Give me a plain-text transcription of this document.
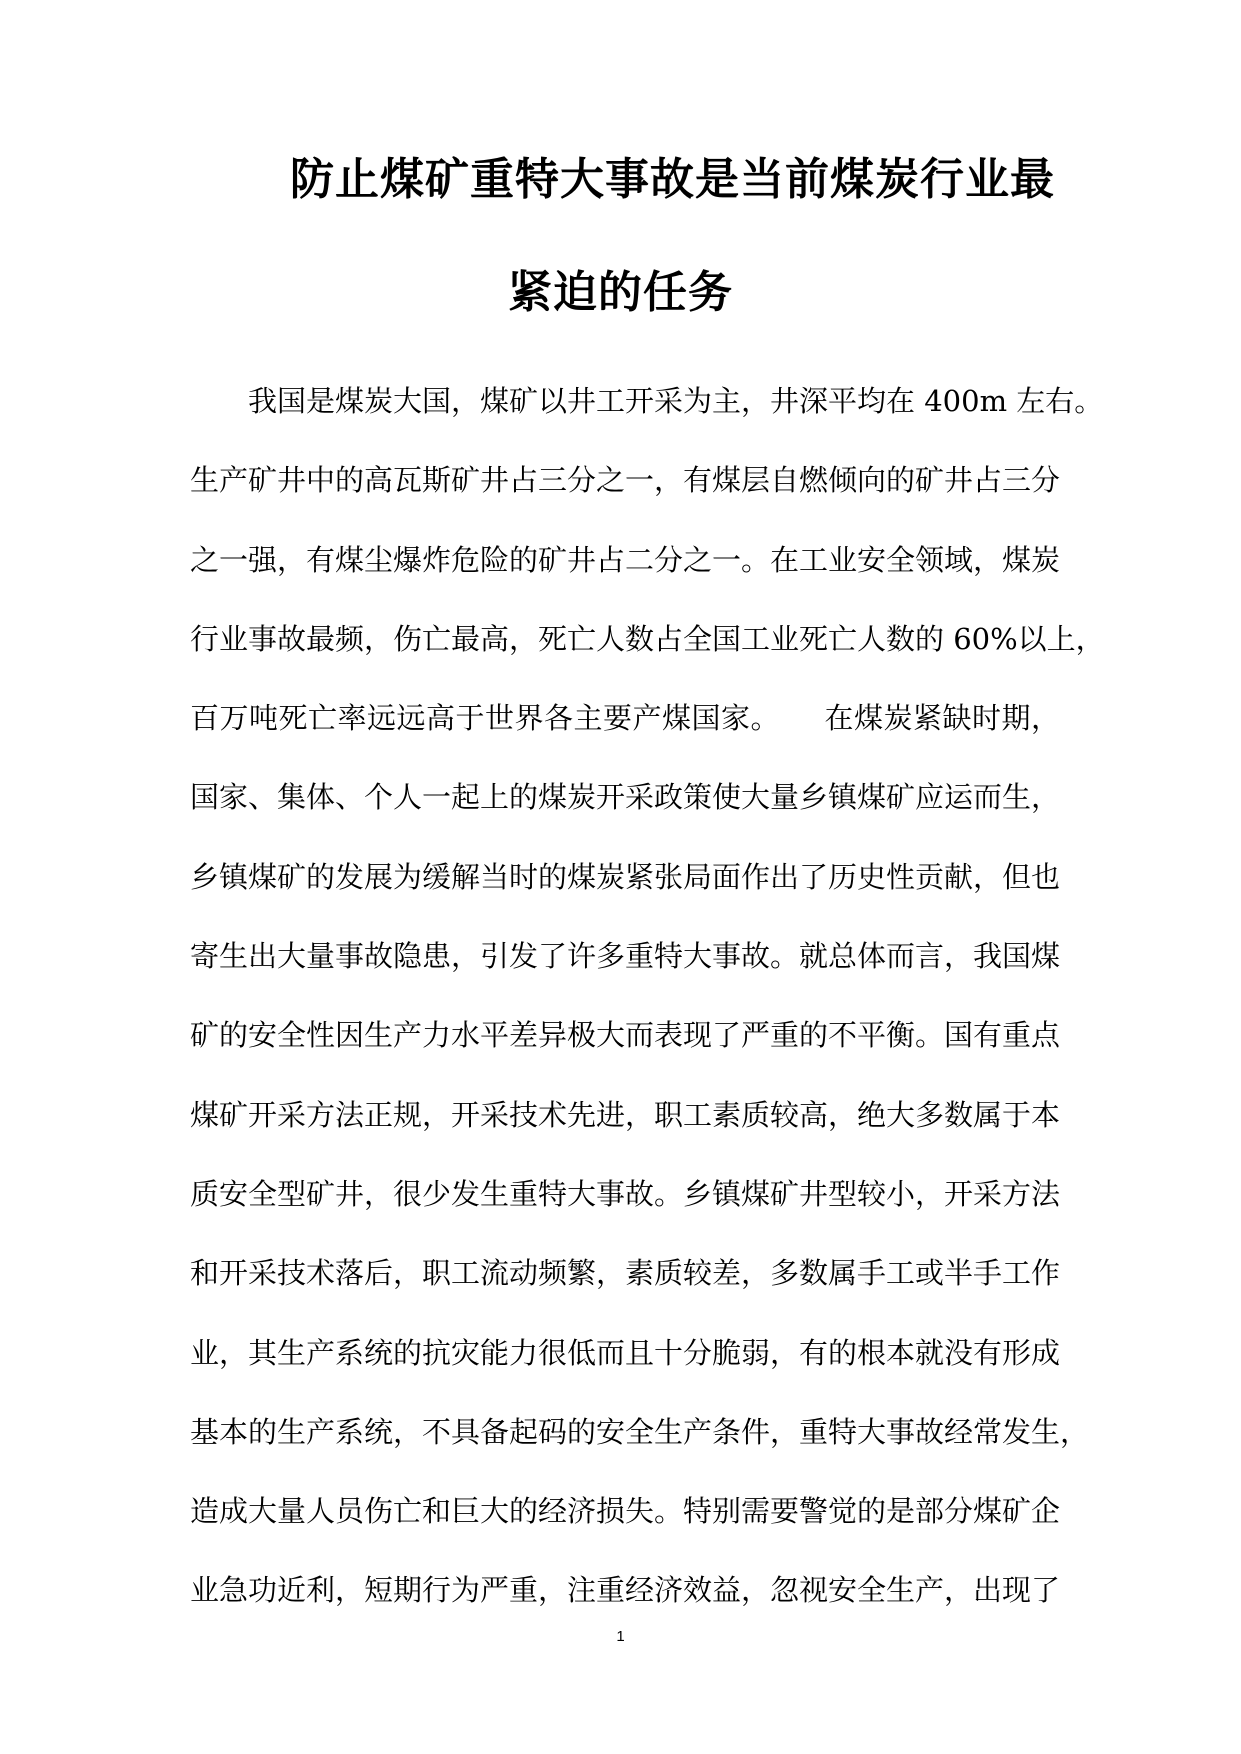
防止煤矿重特大事故是当前煤炭行业最
紧迫的任务
我国是煤炭大国，煤矿以井工开采为主，井深平均在 400m 左右。
生产矿井中的高瓦斯矿井占三分之一，有煤层自燃倾向的矿井占三分
之一强，有煤尘爆炸危险的矿井占二分之一。在工业安全领域，煤炭
行业事故最频，伤亡最高，死亡人数占全国工业死亡人数的 60%以上，
百万吨死亡率远远高于世界各主要产煤国家。　　在煤炭紧缺时期，
国家、集体、个人一起上的煤炭开采政策使大量乡镇煤矿应运而生，
乡镇煤矿的发展为缓解当时的煤炭紧张局面作出了历史性贡献，但也
寄生出大量事故隐患，引发了许多重特大事故。就总体而言，我国煤
矿的安全性因生产力水平差异极大而表现了严重的不平衡。国有重点
煤矿开采方法正规，开采技术先进，职工素质较高，绝大多数属于本
质安全型矿井，很少发生重特大事故。乡镇煤矿井型较小，开采方法
和开采技术落后，职工流动频繁，素质较差，多数属手工或半手工作
业，其生产系统的抗灾能力很低而且十分脆弱，有的根本就没有形成
基本的生产系统，不具备起码的安全生产条件，重特大事故经常发生，
造成大量人员伤亡和巨大的经济损失。特别需要警觉的是部分煤矿企
业急功近利，短期行为严重，注重经济效益，忽视安全生产，出现了
1
